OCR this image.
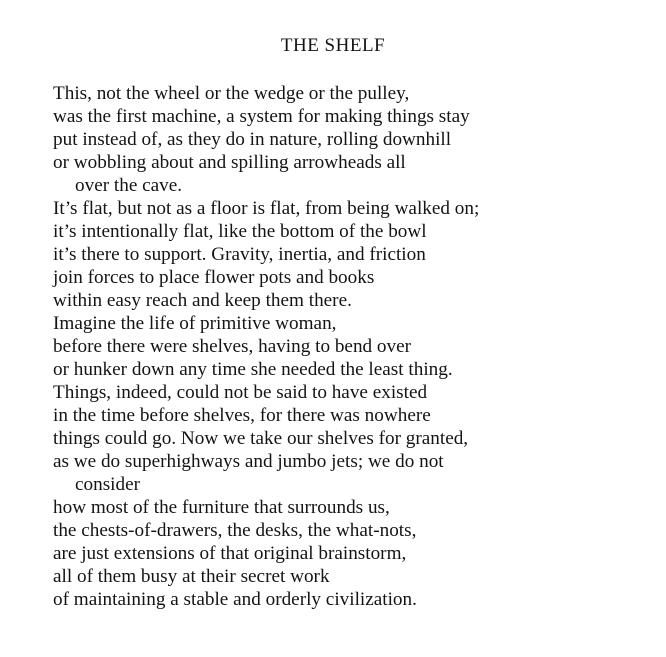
THE SHELF
This, not the wheel or the wedge or the pulley,
was the first machine, a system for making things stay
put instead of, as they do in nature, rolling downhill
or wobbling about and spilling arrowheads all
over the cave.
It’s flat, but not as a floor is flat, from being walked on;
it’s intentionally flat, like the bottom of the bowl
it’s there to support. Gravity, inertia, and friction
join forces to place flower pots and books
within easy reach and keep them there.
Imagine the life of primitive woman,
before there were shelves, having to bend over
or hunker down any time she needed the least thing.
Things, indeed, could not be said to have existed
in the time before shelves, for there was nowhere
things could go. Now we take our shelves for granted,
as we do superhighways and jumbo jets; we do not
consider
how most of the furniture that surrounds us,
the chests-of-drawers, the desks, the what-nots,
are just extensions of that original brainstorm,
all of them busy at their secret work
of maintaining a stable and orderly civilization.
